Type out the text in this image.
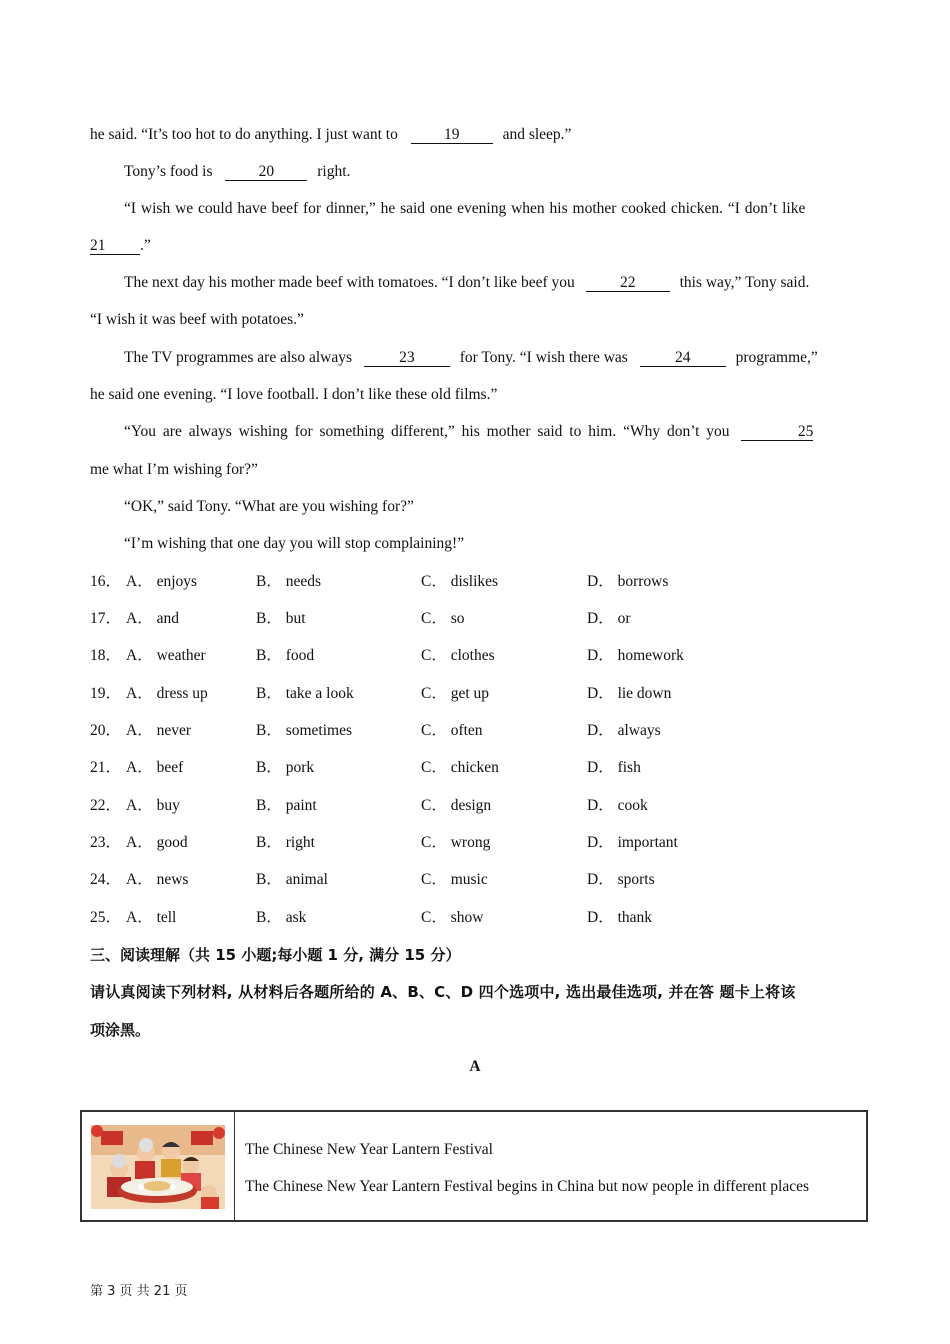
he said. “It’s too hot to do anything. I just want to	19	and sleep.”
Tony’s food is	20	right.
“I wish we could have beef for dinner,” he said one evening when his mother cooked chicken. “I don’t like
21 .”
The next day his mother made beef with tomatoes. “I don’t like beef you	22	this way,” Tony said.
“I wish it was beef with potatoes.”
The TV programmes are also always	23	for Tony. “I wish there was	24	programme,”
he said one evening. “I love football. I don’t like these old films.”
“You are always wishing for something different,” his mother said to him. “Why don’t you	25
me what I’m wishing for?”
“OK,” said Tony. “What are you wishing for?”
“I’m wishing that one day you will stop complaining!”
16． A． enjoys	B． needs	C． dislikes	D． borrows
17． A． and	B． but	C． so	D． or
18． A． weather	B． food	C． clothes	D． homework
19． A． dress up	B． take a look	C． get up	D． lie down
20． A． never	B． sometimes	C． often	D． always
21． A． beef	B． pork	C． chicken	D． fish
22． A． buy	B． paint	C． design	D． cook
23． A． good	B． right	C． wrong	D． important
24． A． news	B． animal	C． music	D． sports
25． A． tell	B． ask	C． show	D． thank
三、阅读理解（共 15 小题;每小题 1 分, 满分 15 分）
请认真阅读下列材料, 从材料后各题所给的 A、B、C、D 四个选项中, 选出最佳选项, 并在答 题卡上将该
项涂黑。
A
The Chinese New Year Lantern Festival
The Chinese New Year Lantern Festival begins in China but now people in different places
第 3 页 共 21 页
